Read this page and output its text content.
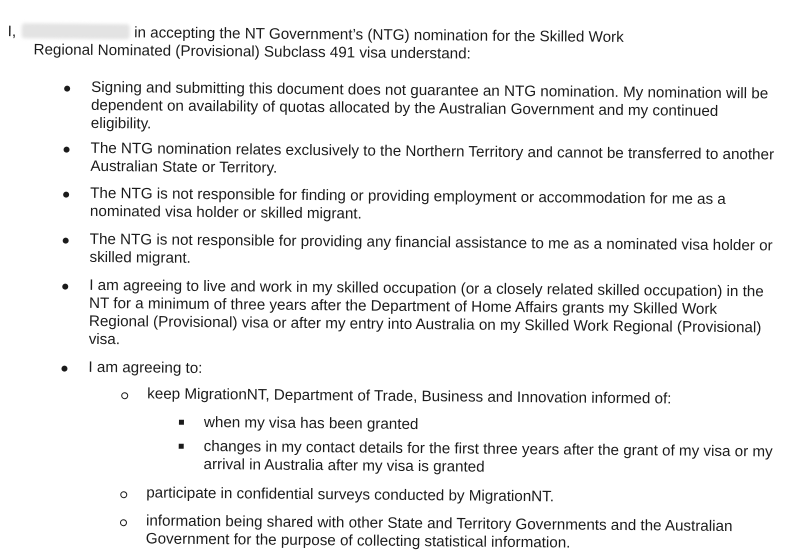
I,	in accepting the NT Government’s (NTG) nomination for the Skilled Work
Regional Nominated (Provisional) Subclass 491 visa understand:
Signing and submitting this document does not guarantee an NTG nomination. My nomination will be dependent on availability of quotas allocated by the Australian Government and my continued eligibility.
The NTG nomination relates exclusively to the Northern Territory and cannot be transferred to another Australian State or Territory.
The NTG is not responsible for finding or providing employment or accommodation for me as a nominated visa holder or skilled migrant.
The NTG is not responsible for providing any financial assistance to me as a nominated visa holder or skilled migrant.
I am agreeing to live and work in my skilled occupation (or a closely related skilled occupation) in the NT for a minimum of three years after the Department of Home Affairs grants my Skilled Work Regional (Provisional) visa or after my entry into Australia on my Skilled Work Regional (Provisional) visa.
I am agreeing to:
keep MigrationNT, Department of Trade, Business and Innovation informed of:
when my visa has been granted
changes in my contact details for the first three years after the grant of my visa or my arrival in Australia after my visa is granted
participate in confidential surveys conducted by MigrationNT.
information being shared with other State and Territory Governments and the Australian Government for the purpose of collecting statistical information.
